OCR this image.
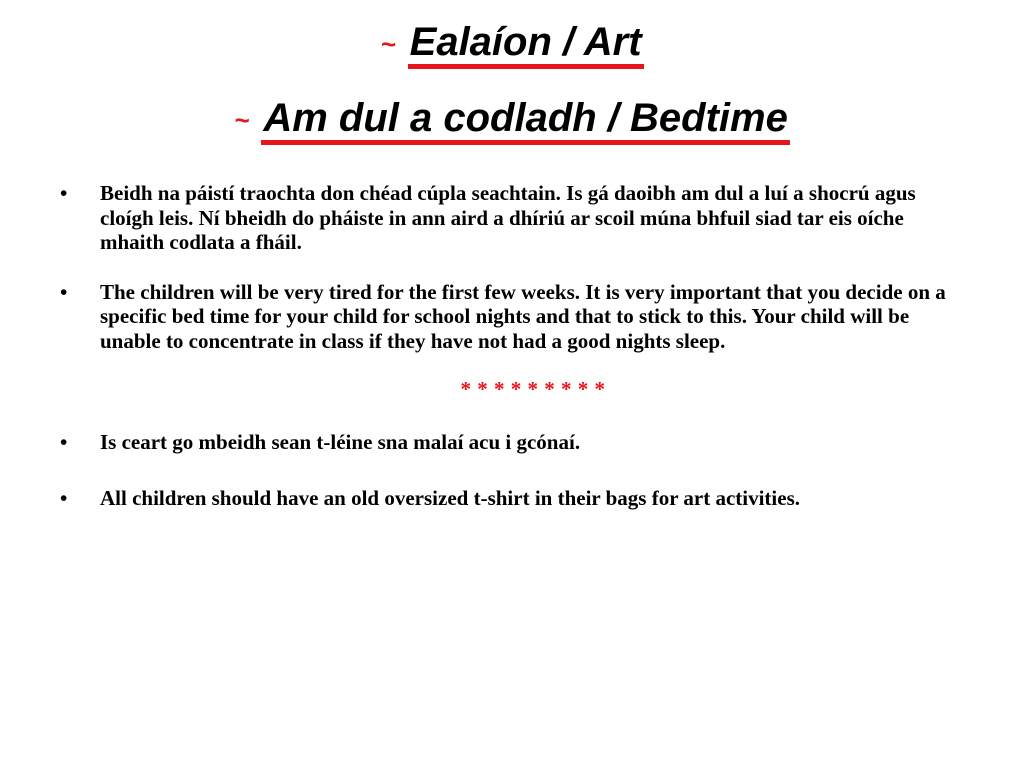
~ Ealaíon / Art
~ Am dul a codladh / Bedtime
• Beidh na páistí traochta don chéad cúpla seachtain. Is gá daoibh am dul a luí a shocrú agus cloígh leis. Ní bheidh do pháiste in ann aird a dhíriú ar scoil múna bhfuil siad tar eis oíche mhaith codlata a fháil.
• The children will be very tired for the first few weeks. It is very important that you decide on a specific bed time for your child for school nights and that to stick to this. Your child will be unable to concentrate in class if they have not had a good nights sleep.
* * * * * * * * *
• Is ceart go mbeidh sean t-léine sna malaí acu i gcónaí.
• All children should have an old oversized t-shirt in their bags for art activities.
